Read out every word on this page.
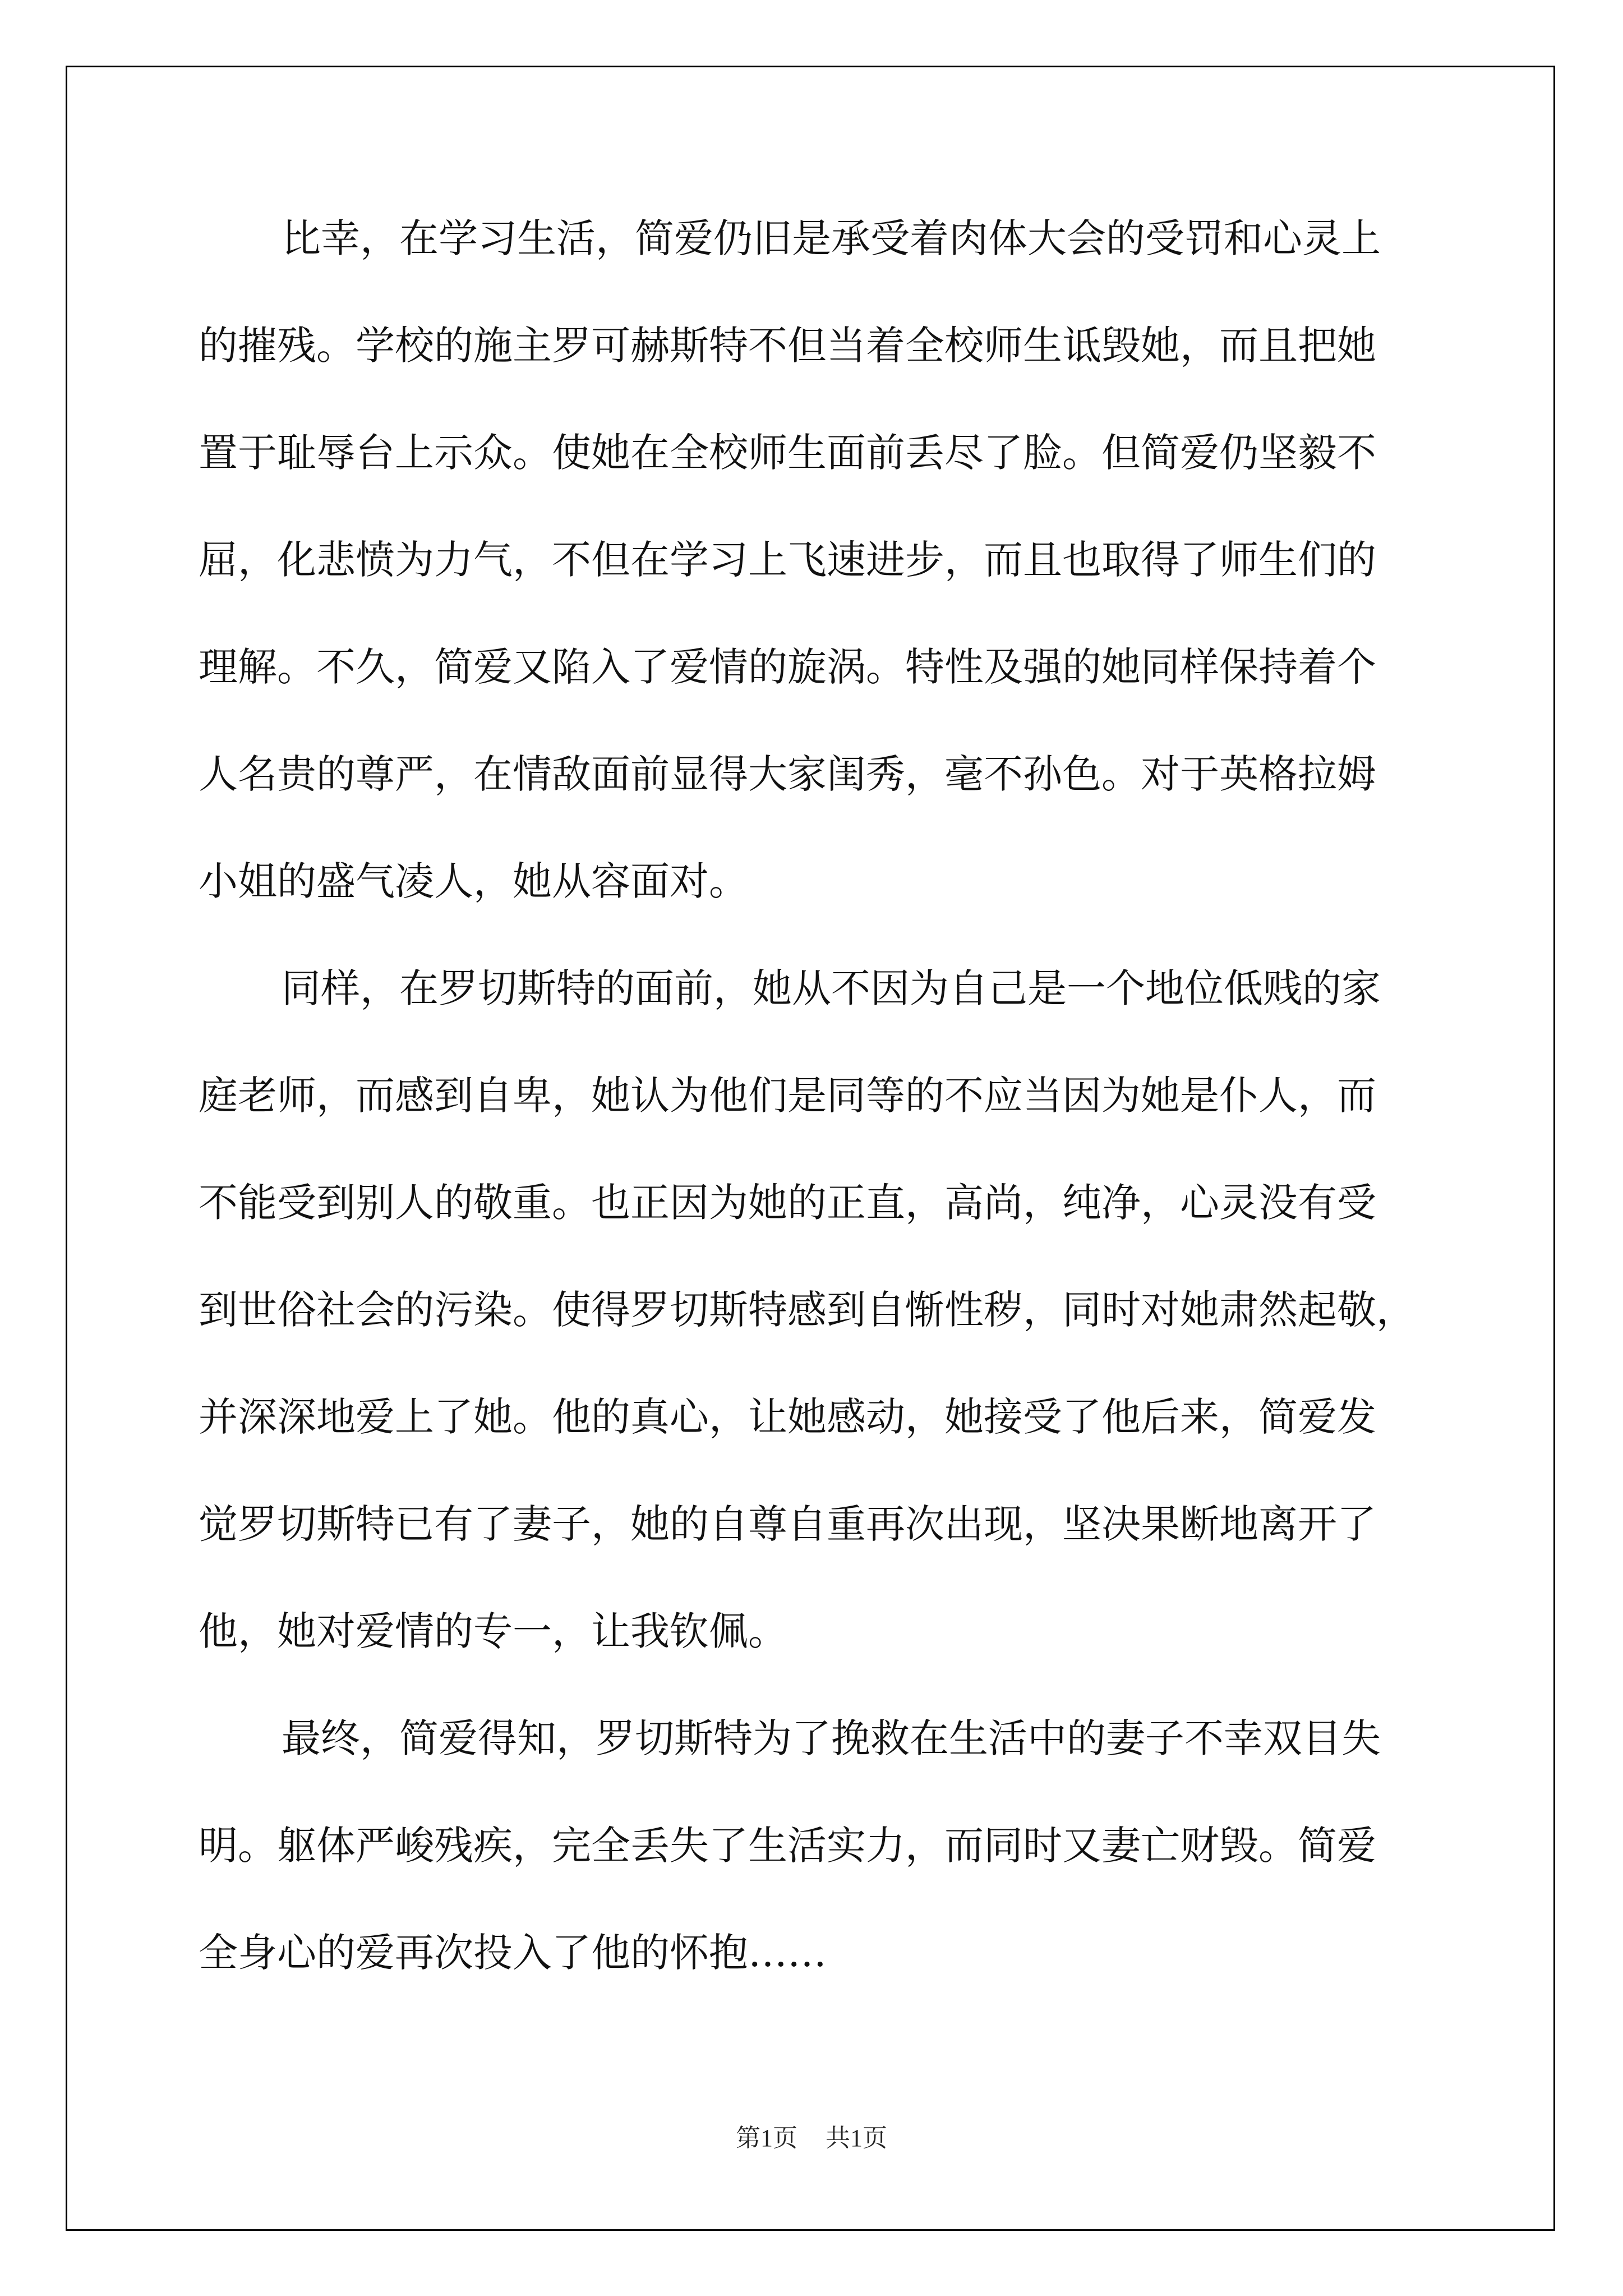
比幸，在学习生活，简爱仍旧是承受着肉体大会的受罚和心灵上
的摧残。学校的施主罗可赫斯特不但当着全校师生诋毁她，而且把她
置于耻辱台上示众。使她在全校师生面前丢尽了脸。但简爱仍坚毅不
屈，化悲愤为力气，不但在学习上飞速进步，而且也取得了师生们的
理解。不久，简爱又陷入了爱情的旋涡。特性及强的她同样保持着个
人名贵的尊严，在情敌面前显得大家闺秀，毫不孙色。对于英格拉姆
小姐的盛气凌人，她从容面对。
同样，在罗切斯特的面前，她从不因为自己是一个地位低贱的家
庭老师，而感到自卑，她认为他们是同等的不应当因为她是仆人，而
不能受到别人的敬重。也正因为她的正直，高尚，纯净，心灵没有受
到世俗社会的污染。使得罗切斯特感到自惭性秽，同时对她肃然起敬，
并深深地爱上了她。他的真心，让她感动，她接受了他后来，简爱发
觉罗切斯特已有了妻子，她的自尊自重再次出现，坚决果断地离开了
他，她对爱情的专一，让我钦佩。
最终，简爱得知，罗切斯特为了挽救在生活中的妻子不幸双目失
明。躯体严峻残疾，完全丢失了生活实力，而同时又妻亡财毁。简爱
全身心的爱再次投入了他的怀抱……
第1页 共1页
